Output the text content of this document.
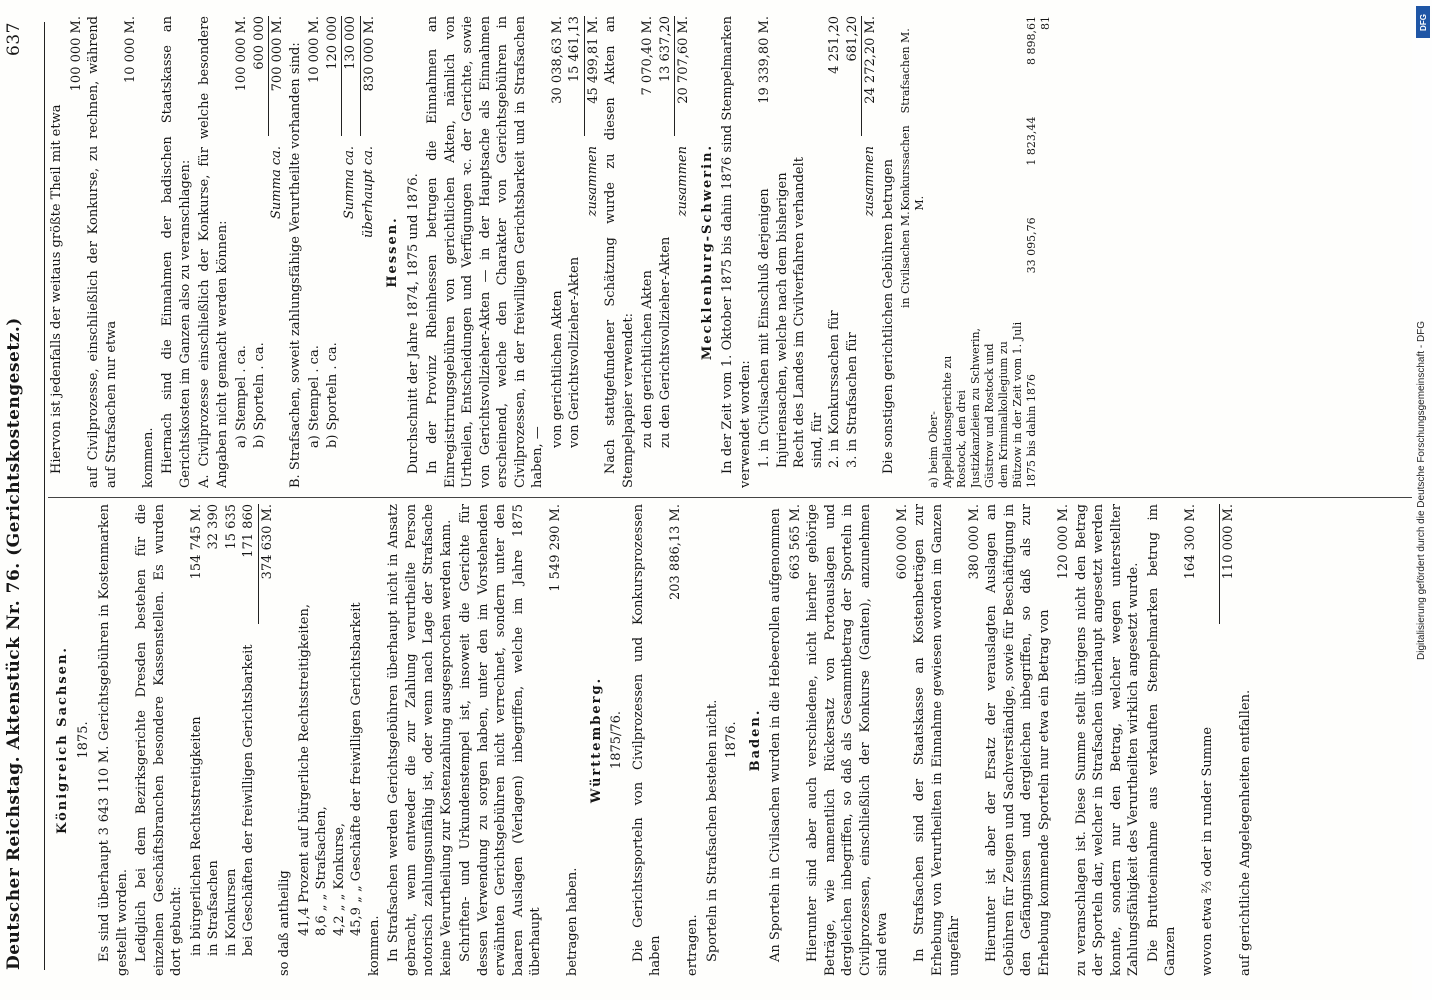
Deutscher Reichstag. Aktenstück Nr. 76. (Gerichtskostengesetz.)
637
Königreich Sachsen. 1875. Es sind überhaupt 3 643 110 M. Gerichtsgebühren in Kostenmarken gestellt worden. Lediglich bei dem Bezirksgerichte Dresden bestehen für die einzelnen Geschäftsbranchen besondere Kassenstellen. Es wurden dort gebucht: in bürgerlichen Rechtsstreitigkeiten
154 745 M.
in Strafsachen
32 390
in Konkursen
15 635
bei Geschäften der freiwilligen Gerichtsbarkeit
171 860 374 630 M.

so daß antheilig 41,4 Prozent auf bürgerliche Rechtsstreitigkeiten, 8,6 „ „ Strafsachen, 4,2 „ „ Konkurse, 45,9 „ „ Geschäfte der freiwilligen Gerichtsbarkeit

kommen. In Strafsachen werden Gerichtsgebühren überhaupt nicht in Ansatz gebracht, wenn entweder die zur Zahlung verurtheilte Person notorisch zahlungsunfähig ist, oder wenn nach Lage der Strafsache keine Verurtheilung zur Kostenzahlung ausgesprochen werden kann. Schriften- und Urkundenstempel ist, insoweit die Gerichte für dessen Verwendung zu sorgen haben, unter den im Vorstehenden erwähnten Gerichtsgebühren nicht verrechnet, sondern unter den baaren Auslagen (Verlagen) inbegriffen, welche im Jahre 1875 überhaupt

1 549 290 M.

betragen haben.

Württemberg. 1875/76. Die Gerichtssporteln von Civilprozessen und Konkursprozessen haben

203 886,13 M.

ertragen. Sporteln in Strafsachen bestehen nicht. 1876. Baden. An Sporteln in Civilsachen wurden in die Hebeerollen aufgenommen 663 565 M. Hierunter sind aber auch verschiedene, nicht hierher gehörige Beträge, wie namentlich Rückersatz von Portoauslagen und dergleichen inbegriffen, so daß als Gesammtbetrag der Sporteln in Civilprozessen, einschließlich der Konkurse (Ganten), anzunehmen sind etwa

600 000 M. In Strafsachen sind der Staatskasse an Kostenbeträgen zur Erhebung von Verurtheilten in Einnahme gewiesen worden im Ganzen ungefähr

380 000 M. Hierunter ist aber der Ersatz der verauslagten Auslagen an Gebühren für Zeugen und Sachverständige, sowie für Beschäftigung in den Gefängnissen und dergleichen inbegriffen, so daß als zur Erhebung kommende Sporteln nur etwa ein Betrag von

120 000 M. zu veranschlagen ist. Diese Summe stellt übrigens nicht den Betrag der Sporteln dar, welcher in Strafsachen überhaupt angesetzt werden konnte, sondern nur den Betrag, welcher wegen unterstellter Zahlungsfähigkeit des Verurtheilten wirklich angesetzt wurde. Die Bruttoeinnahme aus verkauften Stempelmarken betrug im Ganzen

164 300 M.

wovon etwa ⅔ oder in runder Summe

110 000 M.

auf gerichtliche Angelegenheiten entfallen.

Hiervon ist jedenfalls der weitaus größte Theil mit etwa

100 000 M. auf Civilprozesse, einschließlich der Konkurse, zu rechnen, während auf Strafsachen nur etwa

10 000 M.

kommen. Hiernach sind die Einnahmen der badischen Staatskasse an Gerichtskosten im Ganzen also zu veranschlagen: A. Civilprozesse einschließlich der Konkurse, für welche besondere Angaben nicht gemacht werden können: a) Stempel . ca.
100 000 M.
b) Sporteln . ca.
600 000
Summa ca.
700 000 M. B. Strafsachen, soweit zahlungsfähige Verurtheilte vorhanden sind: a) Stempel . ca.
10 000 M.
b) Sporteln . ca.
120 000
Summa ca.
130 000
überhaupt ca.
830 000 M.
Hessen. Durchschnitt der Jahre 1874, 1875 und 1876. In der Provinz Rheinhessen betrugen die Einnahmen an Einregistrirungsgebühren von gerichtlichen Akten, nämlich von Urtheilen, Entscheidungen und Verfügungen ꝛc. der Gerichte, sowie von Gerichtsvollzieher-Akten — in der Hauptsache als Einnahmen erscheinend, welche den Charakter von Gerichtsgebühren in Civilprozessen, in der freiwilligen Gerichtsbarkeit und in Strafsachen haben, —

von gerichtlichen Akten
30 038,63 M.
von Gerichtsvollzieher-Akten
15 461,13
zusammen
45 499,81 M. Nach stattgefundener Schätzung wurde zu diesen Akten an Stempelpapier verwendet: zu den gerichtlichen Akten
7 070,40 M.
zu den Gerichtsvollzieher-Akten
13 637,20
zusammen
20 707,60 M.
Mecklenburg-Schwerin. In der Zeit vom 1. Oktober 1875 bis dahin 1876 sind Stempelmarken verwendet worden: 1. in Civilsachen mit Einschluß derjenigen Injuriensachen, welche nach dem bisherigen Recht des Landes im Civilverfahren verhandelt sind, für
19 339,80 M.
2. in Konkurssachen für
4 251,20
3. in Strafsachen für
681,20
zusammen
24 272,20 M.

Die sonstigen gerichtlichen Gebühren betrugen in Civilsachen M.
Konkurssachen M.
Strafsachen M.
a) beim Ober-Appellationsgerichte zu Rostock, den drei Justizkanzleien zu Schwerin, Güstrow und Rostock und dem Kriminalkollegium zu Bützow in der Zeit vom 1. Juli 1875 bis dahin 1876
33 095,76
1 823,44
8 898,61 81	DFG
Digitalisierung gefördert durch die Deutsche Forschungsgemeinschaft - DFG
